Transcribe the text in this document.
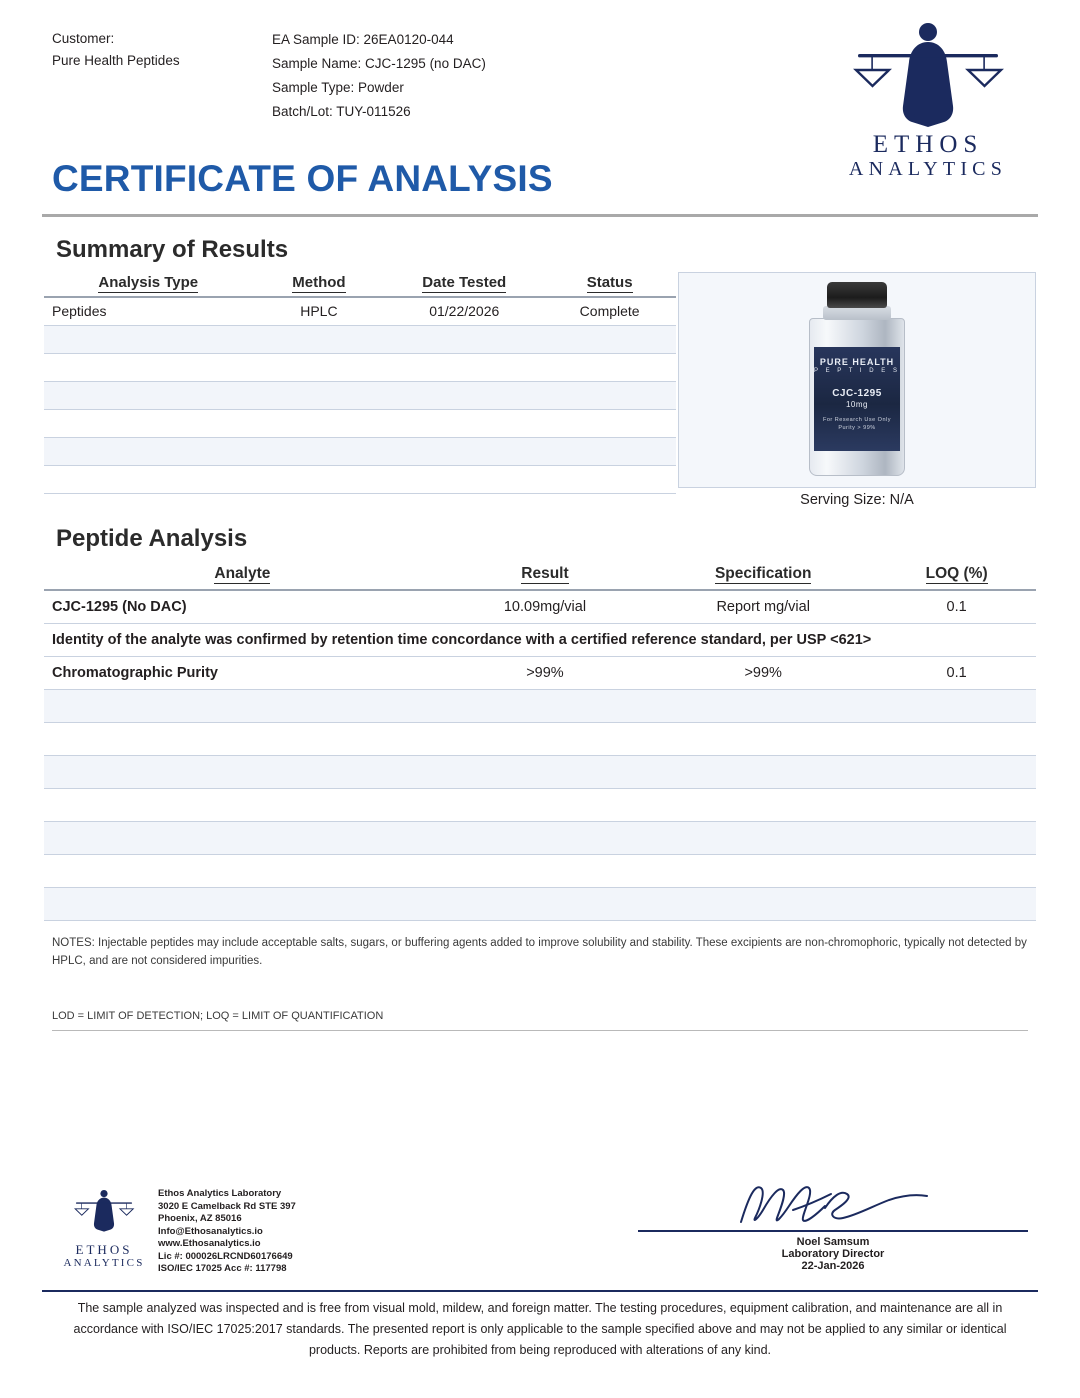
Customer:
Pure Health Peptides
EA Sample ID: 26EA0120-044
Sample Name: CJC-1295 (no DAC)
Sample Type: Powder
Batch/Lot: TUY-011526
ETHOS
ANALYTICS
CERTIFICATE OF ANALYSIS
Summary of Results
Analysis Type	Method	Date Tested	Status
Peptides	HPLC	01/22/2026	Complete

PURE HEALTH
P E P T I D E S
CJC-1295
10mg
For Research Use Only
Purity > 99%
Serving Size: N/A
Peptide Analysis
Analyte	Result	Specification	LOQ (%)
CJC-1295 (No DAC)	10.09mg/vial	Report mg/vial	0.1
Identity of the analyte was confirmed by retention time concordance with a certified reference standard, per USP <621>			
Chromatographic Purity	>99%	>99%	0.1

NOTES: Injectable peptides may include acceptable salts, sugars, or buffering agents added to improve solubility and stability. These excipients are non-chromophoric, typically not detected by HPLC, and are not considered impurities.
LOD = LIMIT OF DETECTION; LOQ = LIMIT OF QUANTIFICATION
ETHOS
ANALYTICS
Ethos Analytics Laboratory
3020 E Camelback Rd STE 397
Phoenix, AZ 85016
Info@Ethosanalytics.io
www.Ethosanalytics.io
Lic #: 000026LRCND60176649
ISO/IEC 17025 Acc #: 117798
Noel Samsum
Laboratory Director
22-Jan-2026
The sample analyzed was inspected and is free from visual mold, mildew, and foreign matter. The testing procedures, equipment calibration, and maintenance are all in accordance with ISO/IEC 17025:2017 standards. The presented report is only applicable to the sample specified above and may not be applied to any similar or identical products. Reports are prohibited from being reproduced with alterations of any kind.
